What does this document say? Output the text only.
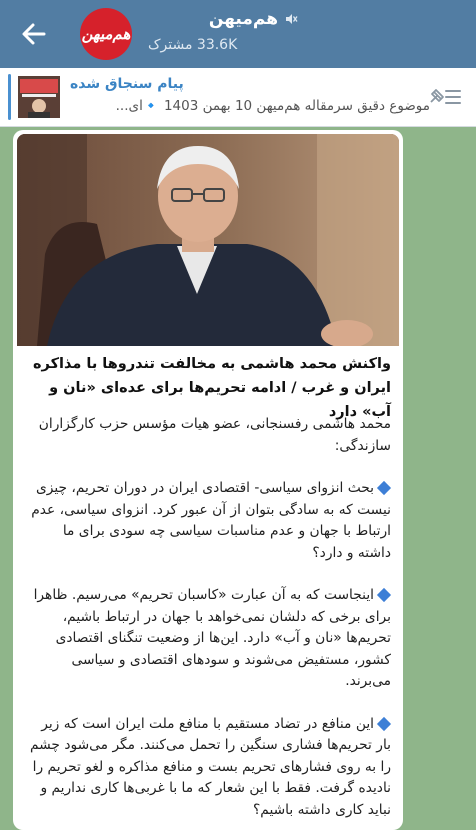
هم‌میهن
هم‌میهن
33.6K مشترک
پیام سنجاق شده
موضوع دقیق سرمقاله هم‌میهن 10 بهمن 1403 🔹ای...
واکنش محمد هاشمی به مخالفت تندروها با مذاکره ایران و غرب / ادامه تحریم‌ها برای عده‌ای «نان و آب» دارد

محمد هاشمی رفسنجانی، عضو هیات مؤسس حزب کارگزاران سازندگی:

بحث انزوای سیاسی- اقتصادی ایران در دوران تحریم، چیزی نیست که به سادگی بتوان از آن عبور کرد. انزوای سیاسی، عدم ارتباط با جهان و عدم مناسبات سیاسی چه سودی برای ما داشته و دارد؟

اینجاست که به آن عبارت «کاسبان تحریم» می‌رسیم. ظاهرا برای برخی که دلشان نمی‌خواهد با جهان در ارتباط باشیم، تحریم‌ها «نان و آب» دارد. این‌ها از وضعیت تنگنای اقتصادی کشور، مستفیض می‌شوند و سودهای اقتصادی و سیاسی می‌برند.

این منافع در تضاد مستقیم با منافع ملت ایران است که زیر بار تحریم‌ها فشاری سنگین را تحمل می‌کنند. مگر می‌شود چشم را به روی فشارهای تحریم بست و منافع مذاکره و لغو تحریم را نادیده گرفت. فقط با این شعار که ما با غربی‌ها کاری نداریم و نباید کاری داشته باشیم؟
